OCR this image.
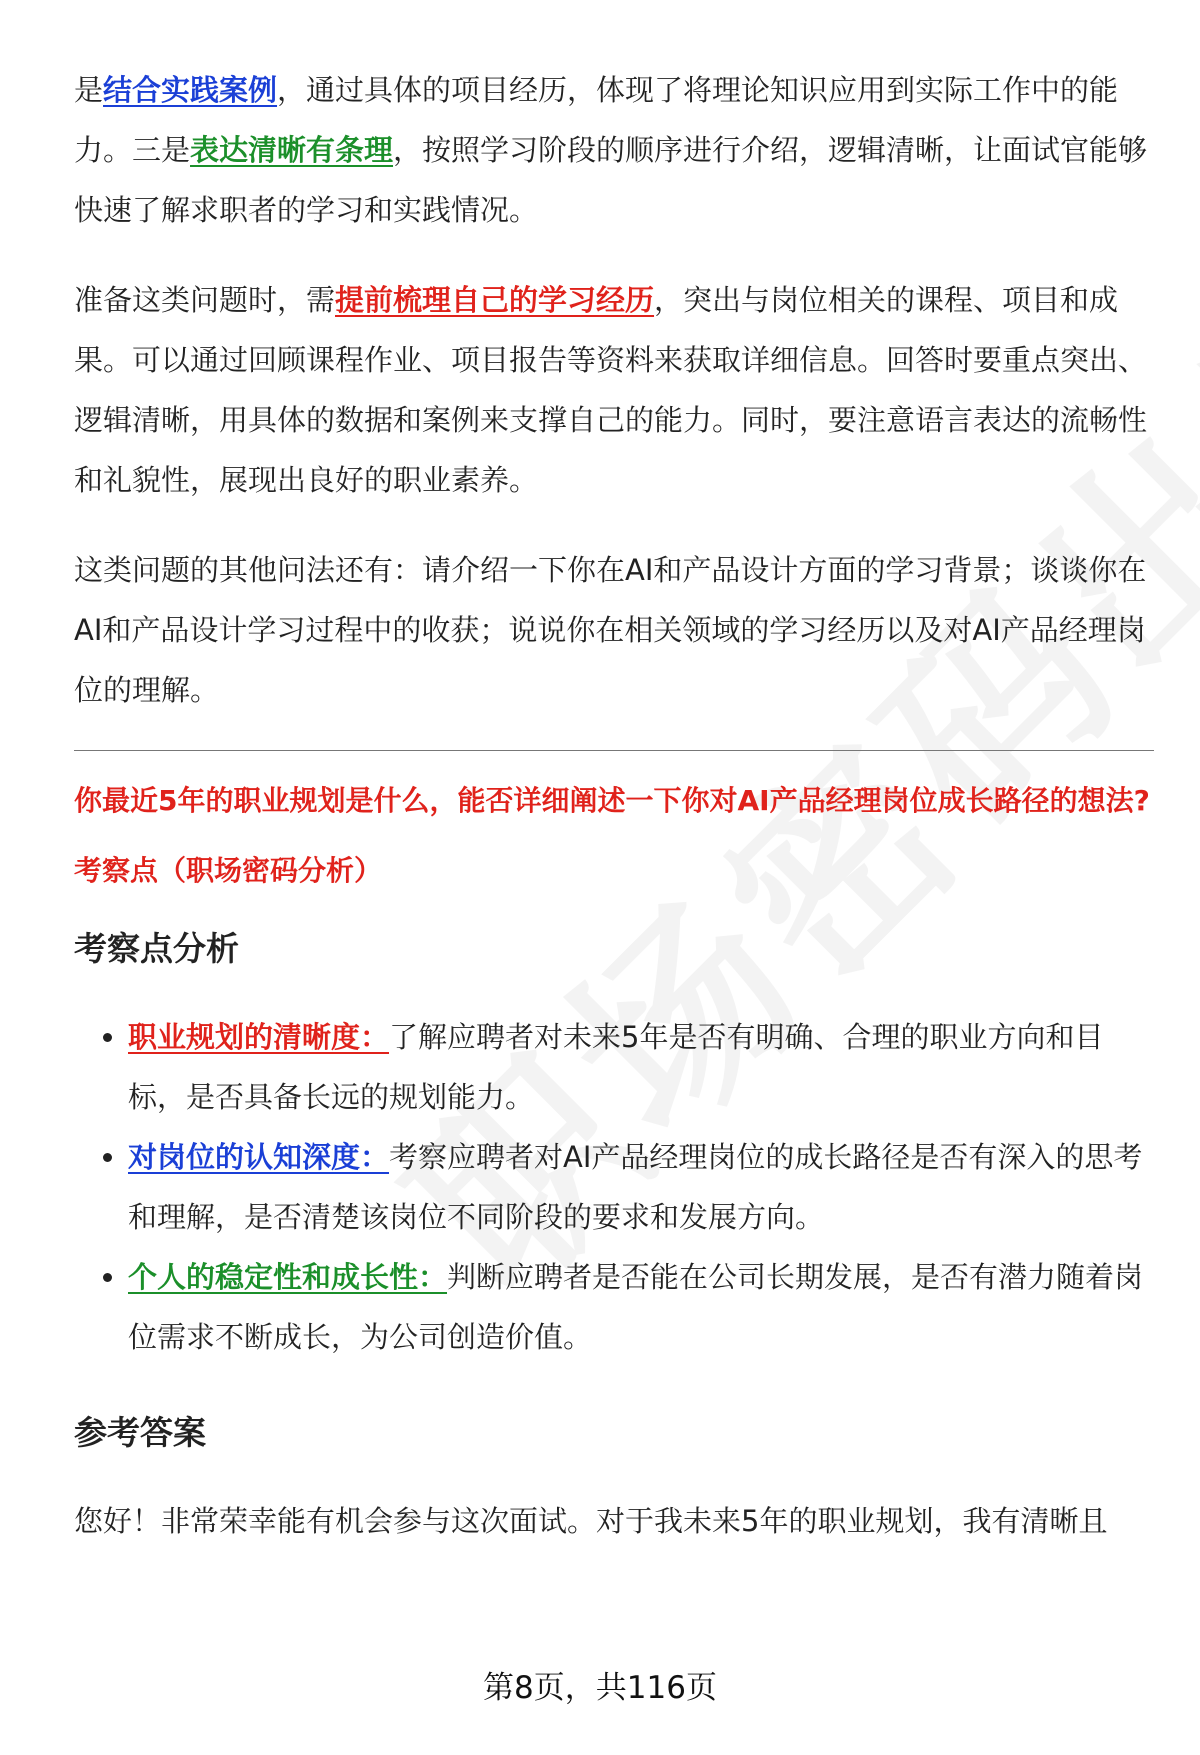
是结合实践案例，通过具体的项目经历，体现了将理论知识应用到实际工作中的能力。三是表达清晰有条理，按照学习阶段的顺序进行介绍，逻辑清晰，让面试官能够快速了解求职者的学习和实践情况。

准备这类问题时，需提前梳理自己的学习经历，突出与岗位相关的课程、项目和成果。可以通过回顾课程作业、项目报告等资料来获取详细信息。回答时要重点突出、逻辑清晰，用具体的数据和案例来支撑自己的能力。同时，要注意语言表达的流畅性和礼貌性，展现出良好的职业素养。

这类问题的其他问法还有：请介绍一下你在AI和产品设计方面的学习背景；谈谈你在AI和产品设计学习过程中的收获；说说你在相关领域的学习经历以及对AI产品经理岗位的理解。

你最近5年的职业规划是什么，能否详细阐述一下你对AI产品经理岗位成长路径的想法?
考察点（职场密码分析）
考察点分析
• 职业规划的清晰度：了解应聘者对未来5年是否有明确、合理的职业方向和目标，是否具备长远的规划能力。
• 对岗位的认知深度：考察应聘者对AI产品经理岗位的成长路径是否有深入的思考和理解，是否清楚该岗位不同阶段的要求和发展方向。
• 个人的稳定性和成长性：判断应聘者是否能在公司长期发展，是否有潜力随着岗位需求不断成长，为公司创造价值。
参考答案

您好！非常荣幸能有机会参与这次面试。对于我未来5年的职业规划，我有清晰且

第8页，共116页
